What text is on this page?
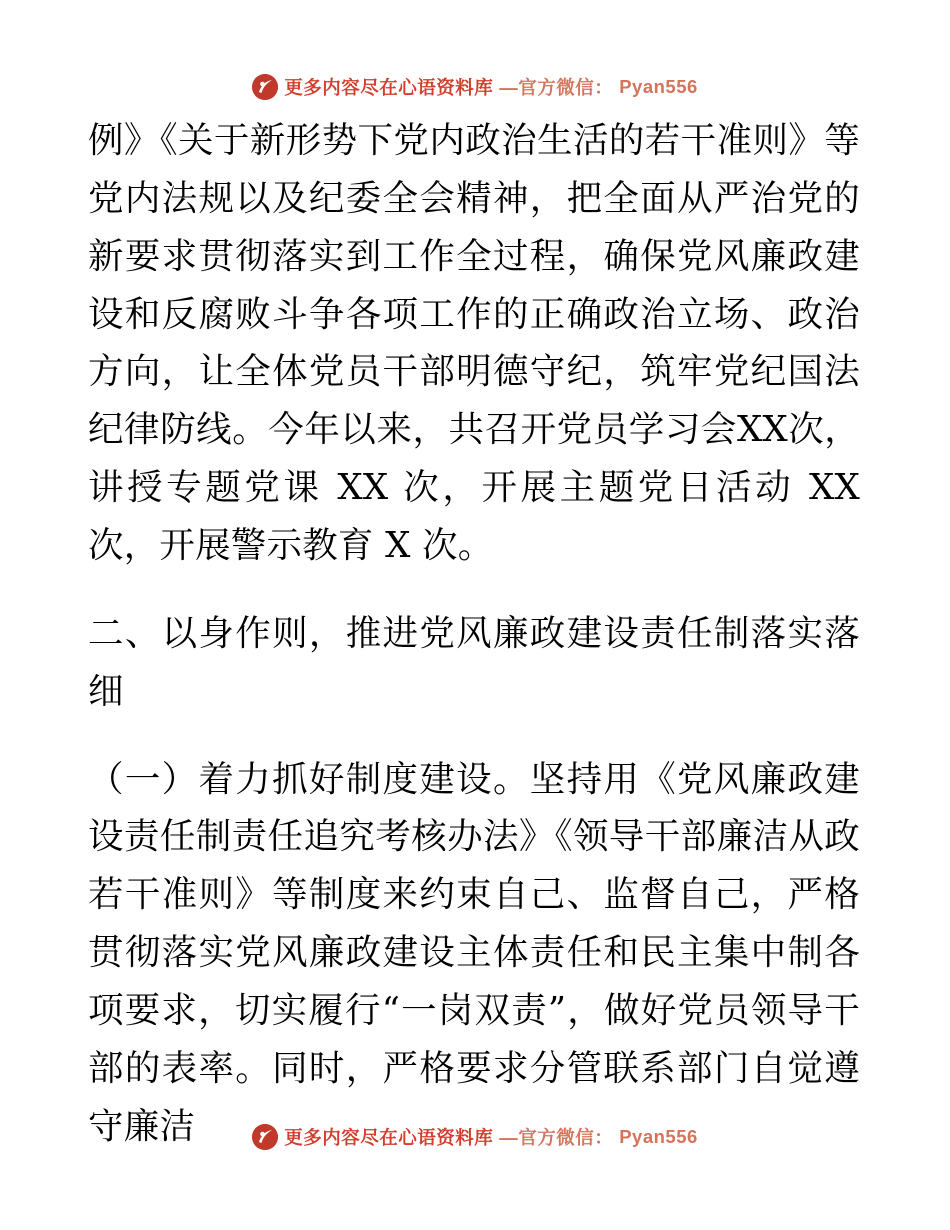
更多内容尽在心语资料库 —官方微信： Pyan556

例》《关于新形势下党内政治生活的若干准则》等党内法规以及纪委全会精神，把全面从严治党的新要求贯彻落实到工作全过程，确保党风廉政建设和反腐败斗争各项工作的正确政治立场、政治方向，让全体党员干部明德守纪，筑牢党纪国法纪律防线。今年以来，共召开党员学习会XX次，讲授专题党课 XX 次，开展主题党日活动 XX 次，开展警示教育 X 次。

二、以身作则，推进党风廉政建设责任制落实落细

（一）着力抓好制度建设。坚持用《党风廉政建设责任制责任追究考核办法》《领导干部廉洁从政若干准则》等制度来约束自己、监督自己，严格贯彻落实党风廉政建设主体责任和民主集中制各项要求，切实履行“一岗双责”，做好党员领导干部的表率。同时，严格要求分管联系部门自觉遵守廉洁	更多内容尽在心语资料库 —官方微信： Pyan556
